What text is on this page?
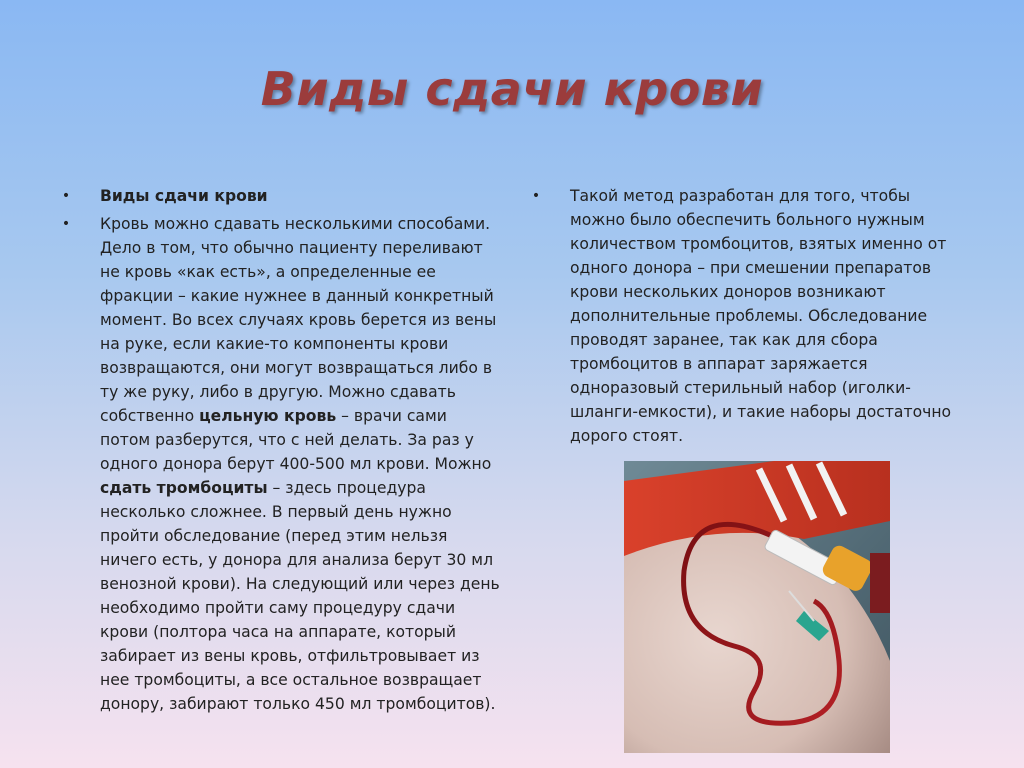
Виды сдачи крови
• Виды сдачи крови
• Кровь можно сдавать несколькими способами. Дело в том, что обычно пациенту переливают не кровь «как есть», а определенные ее фракции – какие нужнее в данный конкретный момент. Во всех случаях кровь берется из вены на руке, если какие-то компоненты крови возвращаются, они могут возвращаться либо в ту же руку, либо в другую. Можно сдавать собственно цельную кровь – врачи сами потом разберутся, что с ней делать. За раз у одного донора берут 400-500 мл крови. Можно сдать тромбоциты – здесь процедура несколько сложнее. В первый день нужно пройти обследование (перед этим нельзя ничего есть, у донора для анализа берут 30 мл венозной крови). На следующий или через день необходимо пройти саму процедуру сдачи крови (полтора часа на аппарате, который забирает из вены кровь, отфильтровывает из нее тромбоциты, а все остальное возвращает донору, забирают только 450 мл тромбоцитов).
• Такой метод разработан для того, чтобы можно было обеспечить больного нужным количеством тромбоцитов, взятых именно от одного донора – при смешении препаратов крови нескольких доноров возникают дополнительные проблемы. Обследование проводят заранее, так как для сбора тромбоцитов в аппарат заряжается одноразовый стерильный набор (иголки-шланги-емкости), и такие наборы достаточно дорого стоят.
